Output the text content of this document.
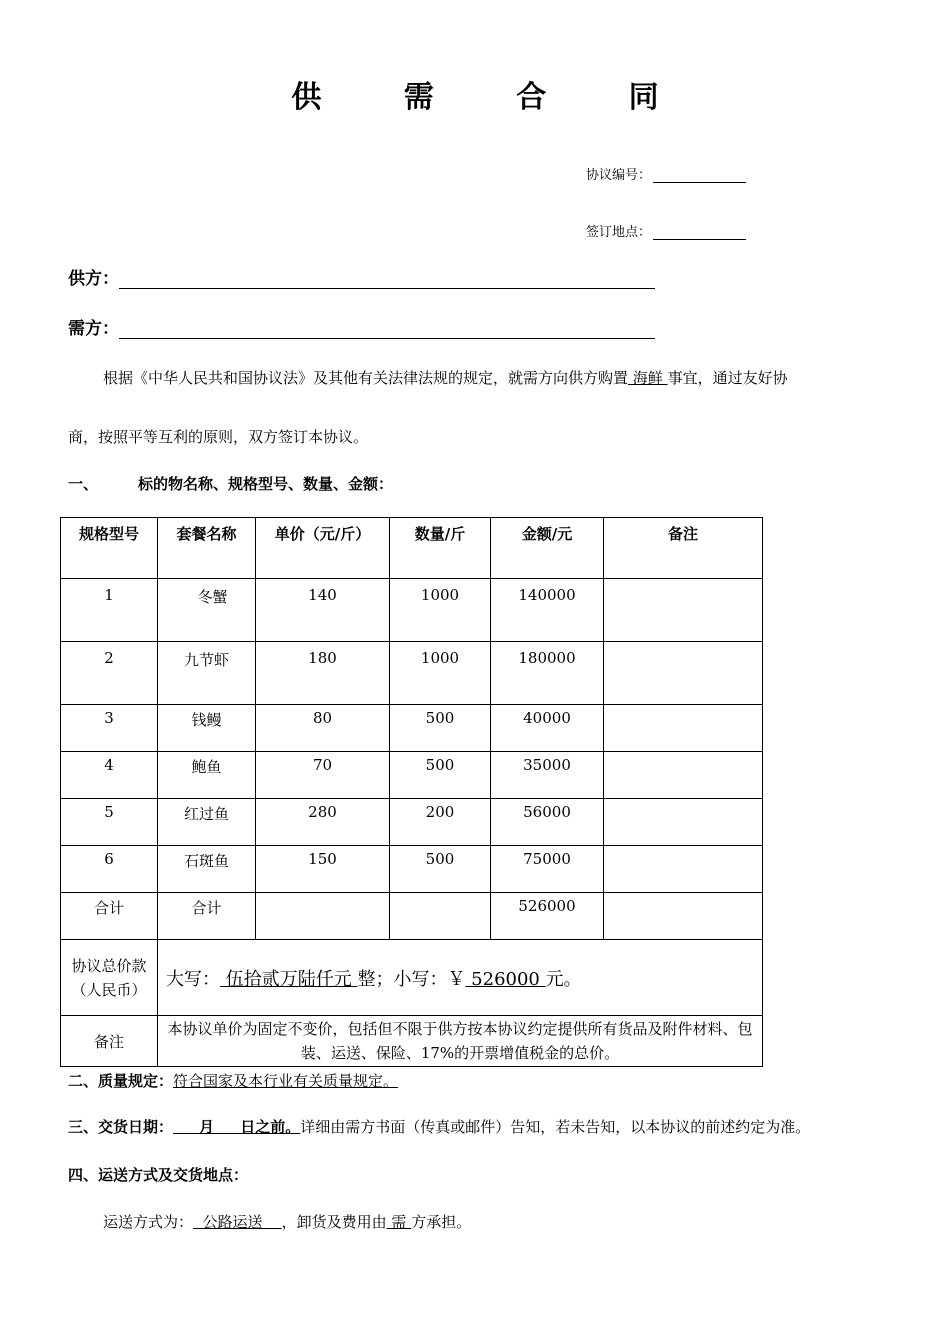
供 需 合 同
协议编号：
签订地点：
供方：
需方：
根据《中华人民共和国协议法》及其他有关法律法规的规定，就需方向供方购置 海鲜 事宜，通过友好协
商，按照平等互利的原则，双方签订本协议。
一、	标的物名称、规格型号、数量、金额：
规格型号	套餐名称	单价（元/斤）	数量/斤	金额/元	备注
1	冬蟹	140	1000	140000	
2	九节虾	180	1000	180000	
3	钱鳗	80	500	40000	
4	鲍鱼	70	500	35000	
5	红过鱼	280	200	56000	
6	石斑鱼	150	500	75000	
合计	合计			526000	
协议总价款（人民币）	大写： 伍拾贰万陆仟元 整；小写：￥ 526000 元。				
备注	本协议单价为固定不变价，包括但不限于供方按本协议约定提供所有货品及附件材料、包装、运送、保险、17%的开票增值税金的总价。				
二、质量规定：符合国家及本行业有关质量规定。
三、交货日期：     月     日之前。详细由需方书面（传真或邮件）告知，若未告知，以本协议的前述约定为准。
四、运送方式及交货地点：
运送方式为：  公路运送    ，卸货及费用由 需 方承担。
